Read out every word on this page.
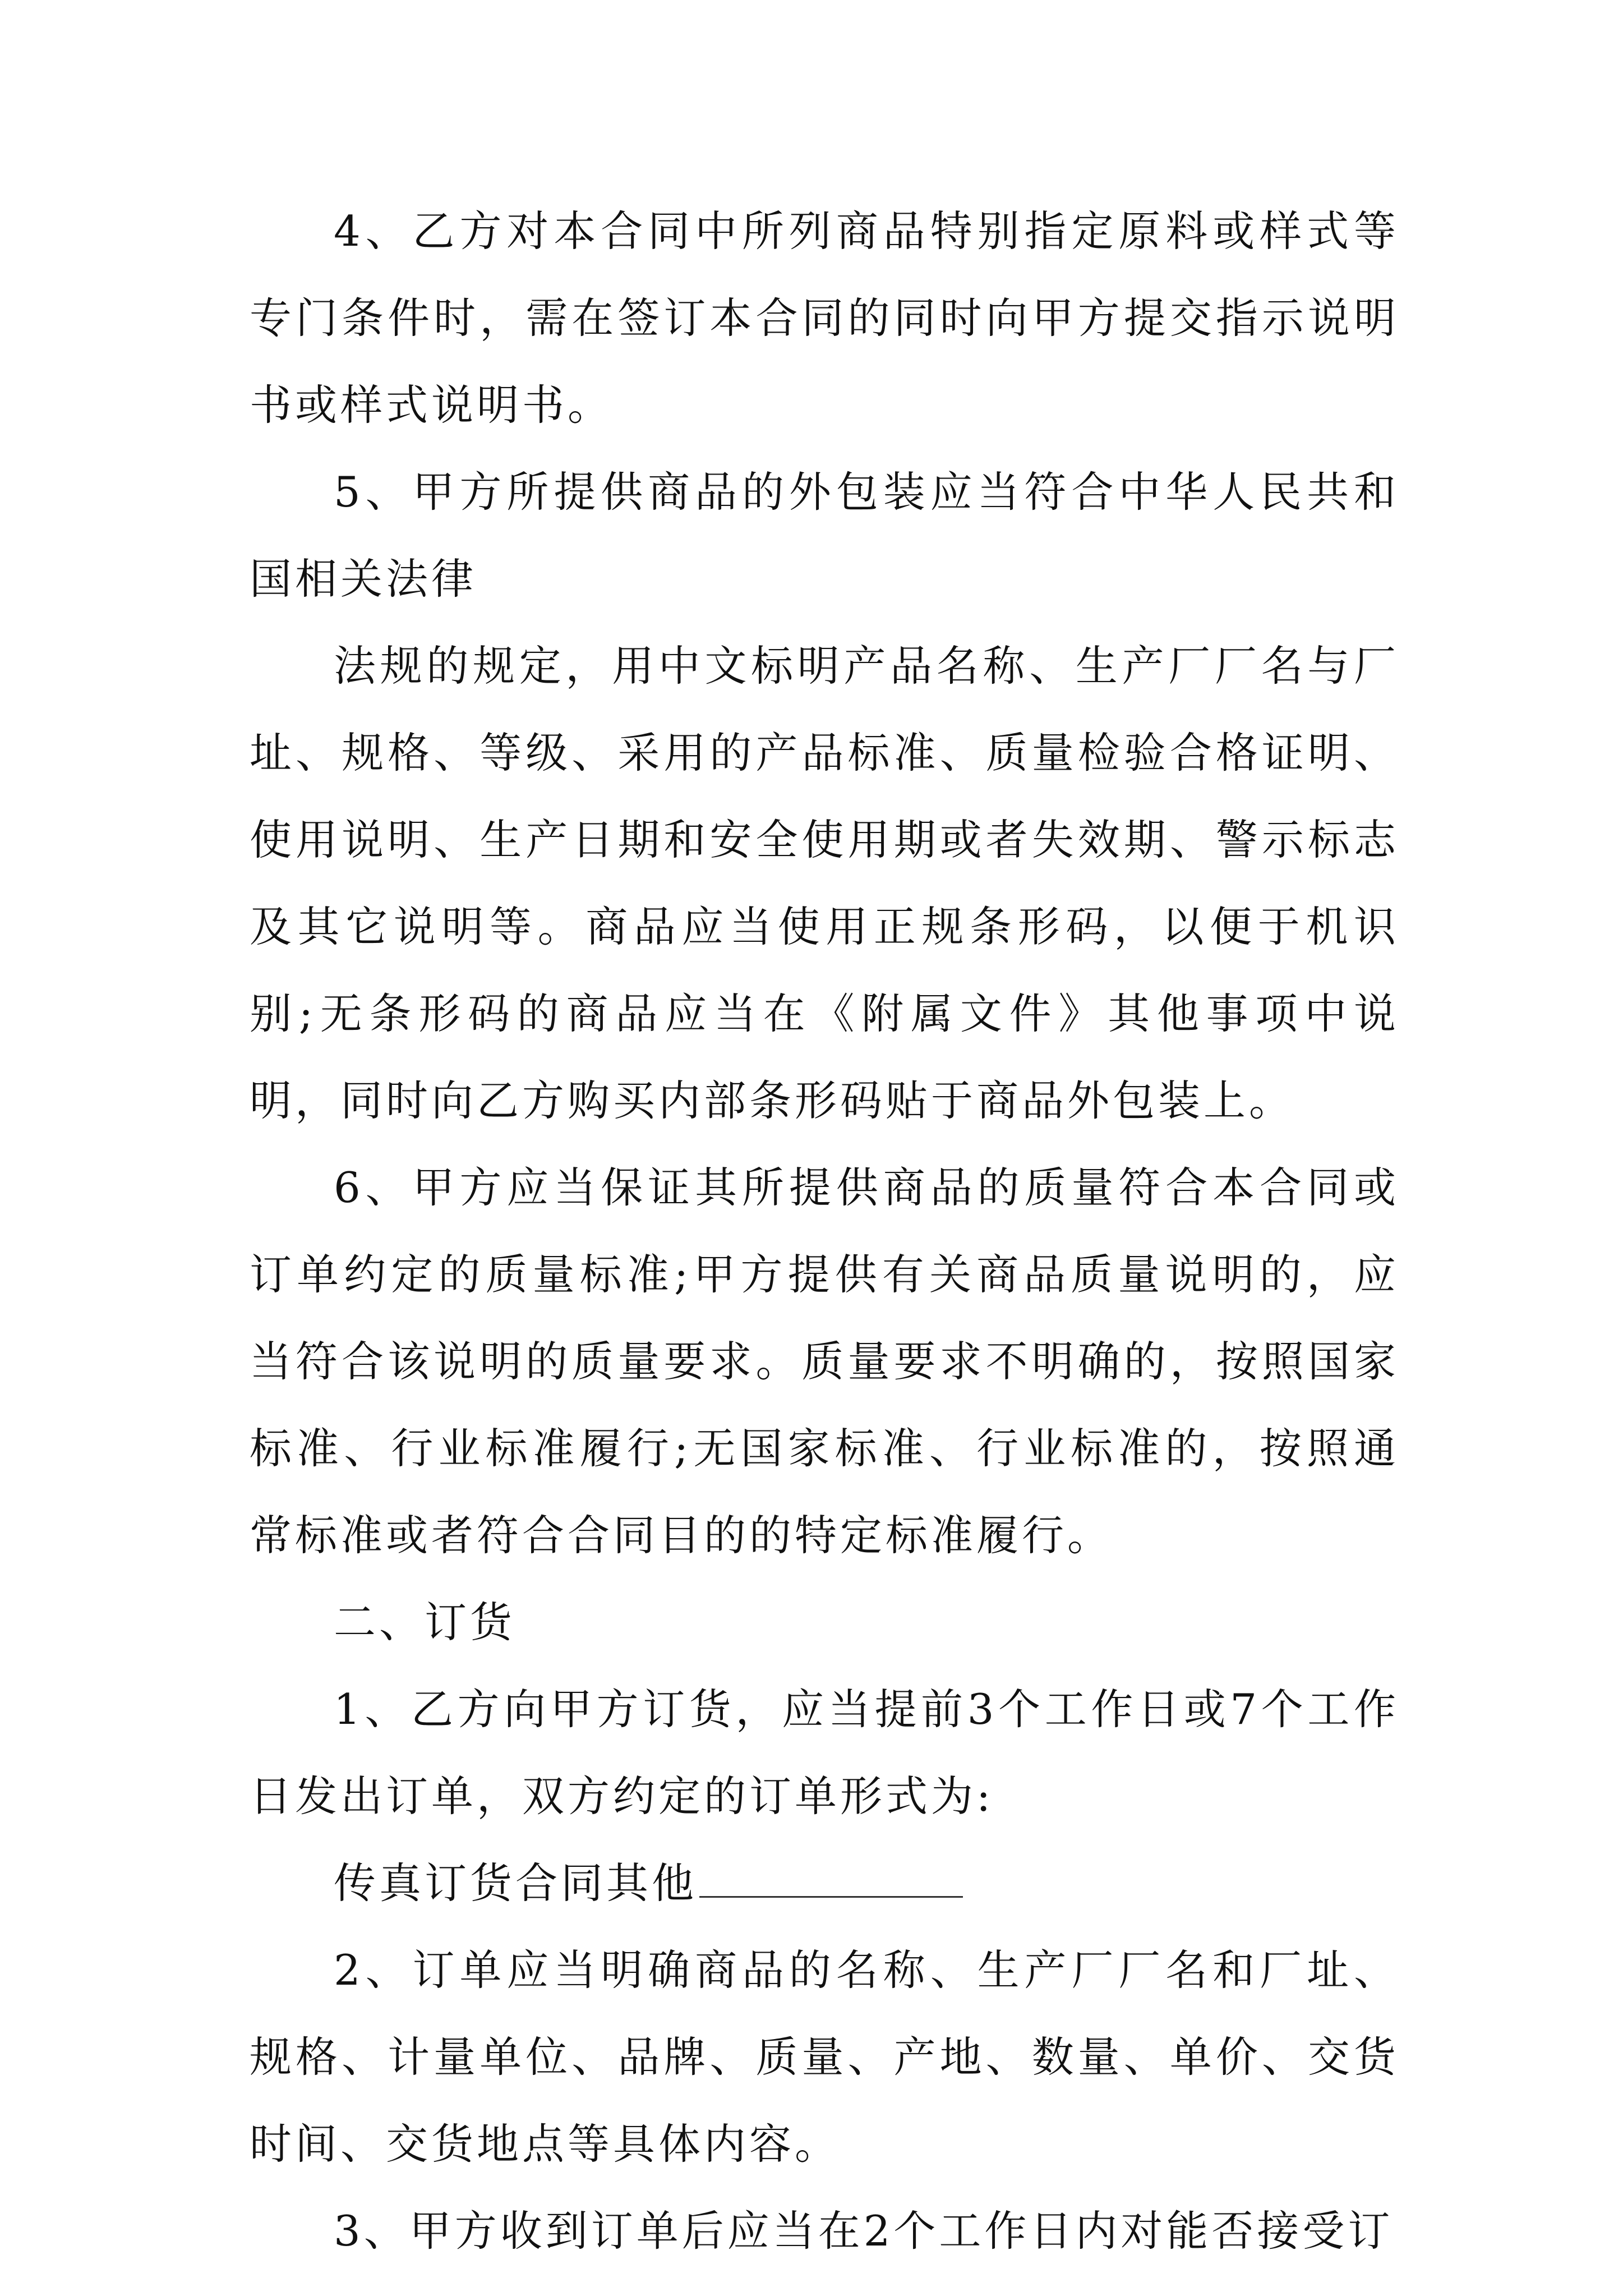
4、乙方对本合同中所列商品特别指定原料或样式等专门条件时，需在签订本合同的同时向甲方提交指示说明书或样式说明书。

5、甲方所提供商品的外包装应当符合中华人民共和国相关法律

法规的规定，用中文标明产品名称、生产厂厂名与厂址、规格、等级、采用的产品标准、质量检验合格证明、使用说明、生产日期和安全使用期或者失效期、警示标志及其它说明等。商品应当使用正规条形码，以便于机识别;无条形码的商品应当在《附属文件》其他事项中说明，同时向乙方购买内部条形码贴于商品外包装上。

6、甲方应当保证其所提供商品的质量符合本合同或订单约定的质量标准;甲方提供有关商品质量说明的，应当符合该说明的质量要求。质量要求不明确的，按照国家标准、行业标准履行;无国家标准、行业标准的，按照通常标准或者符合合同目的的特定标准履行。

二、订货

1、乙方向甲方订货，应当提前3个工作日或7个工作日发出订单，双方约定的订单形式为:

传真订货合同其他

2、订单应当明确商品的名称、生产厂厂名和厂址、规格、计量单位、品牌、质量、产地、数量、单价、交货时间、交货地点等具体内容。

3、甲方收到订单后应当在2个工作日内对能否接受订
